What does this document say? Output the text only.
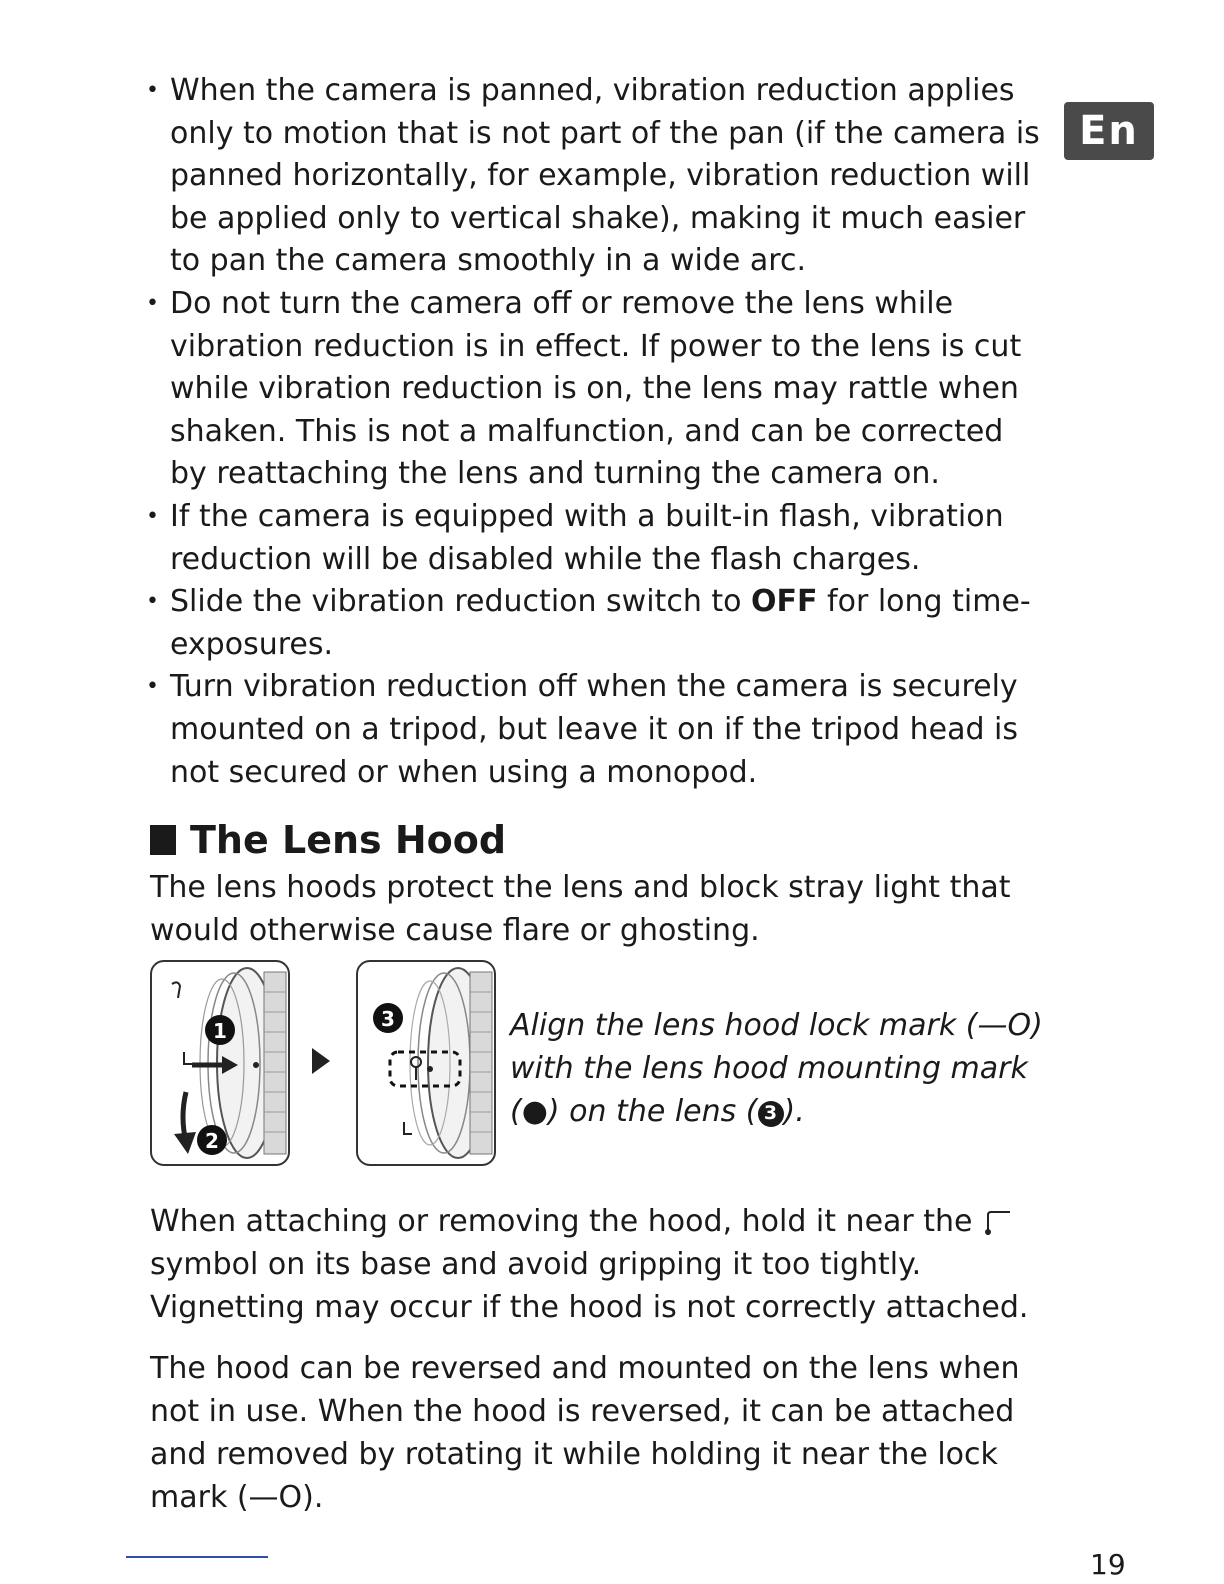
En
• When the camera is panned, vibration reduction applies only to motion that is not part of the pan (if the camera is panned horizontally, for example, vibration reduction will be applied only to vertical shake), making it much easier to pan the camera smoothly in a wide arc.
• Do not turn the camera off or remove the lens while vibration reduction is in effect. If power to the lens is cut while vibration reduction is on, the lens may rattle when shaken. This is not a malfunction, and can be corrected by reattaching the lens and turning the camera on.
• If the camera is equipped with a built-in flash, vibration reduction will be disabled while the flash charges.
• Slide the vibration reduction switch to OFF for long time-exposures.
• Turn vibration reduction off when the camera is securely mounted on a tripod, but leave it on if the tripod head is not secured or when using a monopod.
The Lens Hood

The lens hoods protect the lens and block stray light that would otherwise cause flare or ghosting.

1
2
3	Align the lens hood lock mark (—O) with the lens hood mounting mark (●) on the lens ( 3 ).

When attaching or removing the hood, hold it near the  symbol on its base and avoid gripping it too tightly. Vignetting may occur if the hood is not correctly attached.

The hood can be reversed and mounted on the lens when not in use. When the hood is reversed, it can be attached and removed by rotating it while holding it near the lock mark (—O).

19
